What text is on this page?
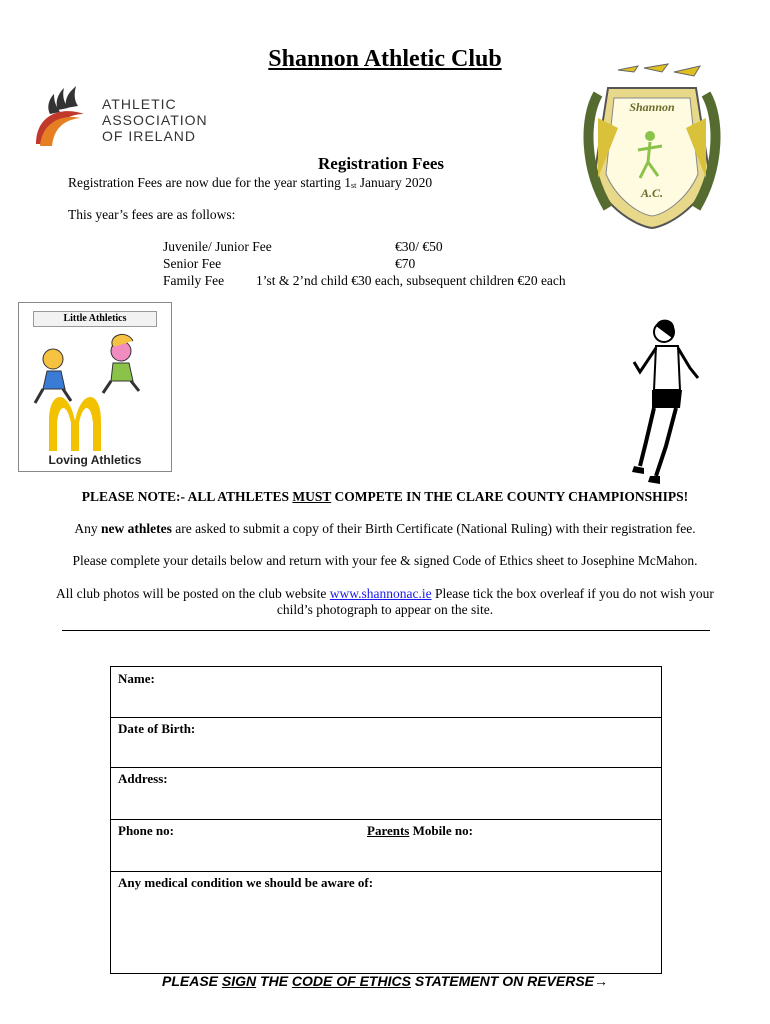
Shannon Athletic Club
ATHLETIC
ASSOCIATION
OF IRELAND
Shannon
A.C.
Registration Fees
Registration Fees are now due for the year starting 1st January 2020
This year’s fees are as follows:
Juvenile/ Junior Fee	€30/ €50
Senior Fee	€70
Family Fee 1’st & 2’nd child €30 each, subsequent children €20 each
Little Athletics
Loving Athletics
PLEASE NOTE:- ALL ATHLETES MUST COMPETE IN THE CLARE COUNTY CHAMPIONSHIPS!
Any new athletes are asked to submit a copy of their Birth Certificate (National Ruling) with their registration fee.
Please complete your details below and return with your fee & signed Code of Ethics sheet to Josephine McMahon.
All club photos will be posted on the club website www.shannonac.ie Please tick the box overleaf if you do not wish your
child’s photograph to appear on the site.
Name:
Date of Birth:
Address:
Phone no:	Parents Mobile no:
Any medical condition we should be aware of:
PLEASE SIGN THE CODE OF ETHICS STATEMENT ON REVERSE→
